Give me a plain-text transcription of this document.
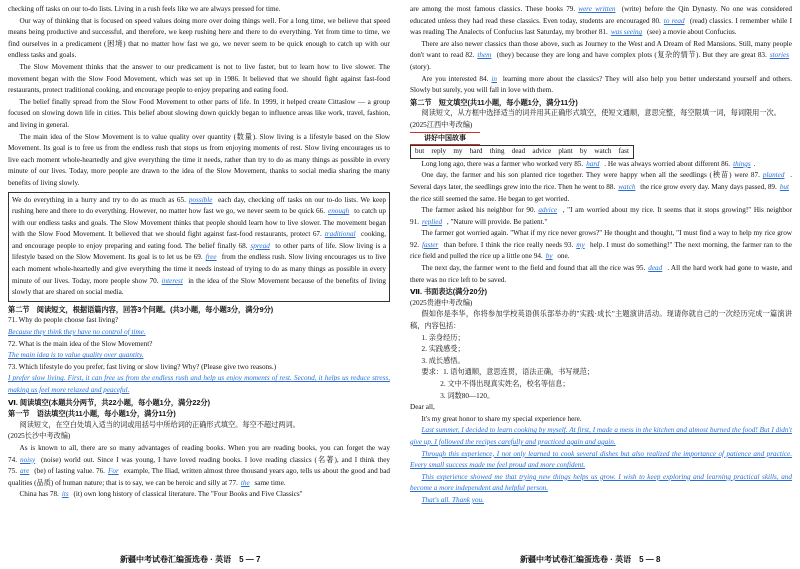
checking off tasks on our to-do lists. Living in a rush feels like we are always pressed for time.

Our way of thinking that is focused on speed values doing more over doing things well. For a long time, we believe that speed means being productive and successful, and therefore, we keep rushing here and there to do everything. Yet from time to time, we find ourselves in a predicament (困境) that no matter how fast we go, we never seem to be quick enough to catch up with our endless tasks and goals.

The Slow Movement thinks that the answer to our predicament is not to live faster, but to learn how to live slower. The movement began with the Slow Food Movement, which was set up in 1986. It believed that we should fight against fast-food restaurants, protect traditional cooking, and encourage people to enjoy preparing and eating food.

The belief finally spread from the Slow Food Movement to other parts of life. In 1999, it helped create Cittaslow — a group focused on slowing down life in cities. This belief about slowing down quickly began to influence areas like work, travel, fashion, and living in general.

The main idea of the Slow Movement is to value quality over quantity (数量). Slow living is a lifestyle based on the Slow Movement. Its goal is to free us from the endless rush that stops us from enjoying moments of rest. Slow living encourages us to live each moment whole-heartedly and give everything the time it needs, rather than try to do as many things as possible in every minute of our lives. Today, more people are drawn to the idea of the Slow Movement, thanks to social media sharing the many benefits of living slowly.

We do everything in a hurry and try to do as much as 65. possible each day, checking off tasks on our to-do lists. We keep rushing here and there to do everything. However, no matter how fast we go, we never seem to be quick 66. enough to catch up with our endless tasks and goals. The Slow Movement thinks that people should learn how to live slower. The movement began with the Slow Food Movement. It believed that we should fight against fast-food restaurants, protect 67. traditional cooking, and encourage people to enjoy preparing and eating food. The belief finally 68. spread to other parts of life. Slow living is a lifestyle based on the Slow Movement. Its goal is to let us be 69. free from the endless rush. Slow living encourages us to live each moment whole-heartedly and give everything the time it needs instead of trying to do as many things as possible in every minute of our lives. Today, more people show 70. interest in the idea of the Slow Movement because of the benefits of living slowly that are shared on social media.

第二节　阅读短文，根据语篇内容，回答3个问题。(共3小题，每小题3分，满分9分)

71. Why do people choose fast living?

Because they think they have no control of time.

72. What is the main idea of the Slow Movement?

The main idea is to value quality over quantity.

73. Which lifestyle do you prefer, fast living or slow living? Why? (Please give two reasons.)

I prefer slow living. First, it can free us from the endless rush and help us enjoy moments of rest. Second, it helps us reduce stress, making us feel more relaxed and peaceful.

Ⅵ. 阅读填空(本题共分两节，共22小题，每小题1分，满分22分)

第一节　语法填空(共11小题，每小题1分，满分11分)

阅读短文，在空白处填入适当的词或用括号中所给词的正确形式填空。每空不超过两词。

(2025长沙中考改编)

As is known to all, there are so many advantages of reading books. When you are reading books, you can forget the way 74. noisy (noise) world out. Since I was young, I have loved reading books. I love reading classics (名著), and I think they 75. are (be) of lasting value. 76. For example, The Iliad, written almost three thousand years ago, tells us about the good and bad qualities (品质) of human nature; that is to say, we can be heroic and silly at 77. the same time.

China has 78. its (it) own long history of classical literature. The "Four Books and Five Classics"

新疆中考试卷汇编蛋选卷 · 英语　5 — 7

are among the most famous classics. These books 79. were written (write) before the Qin Dynasty. No one was considered educated unless they had read these classics. Even today, students are encouraged 80. to read (read) classics. I remember while I was reading The Analects of Confucius last Saturday, my brother 81. was seeing (see) a movie about Confucius.

There are also newer classics than those above, such as Journey to the West and A Dream of Red Mansions. Still, many people don't want to read 82. them (they) because they are long and have complex plots (复杂的情节). But they are great 83. stories (story).

Are you interested 84. in learning more about the classics? They will also help you better understand yourself and others. Slowly but surely, you will fall in love with them.

第二节　短文填空(共11小题，每小题1分，满分11分)

阅读短文，从方框中选择适当的词并用其正确形式填空，使短文通顺，意思完整，每空限填一词，每词限用一次。

(2025江西中考改编)

讲好中国故事

but　reply　my　hard　thing　dead　advice　plant　by　watch　fast

Long long ago, there was a farmer who worked very 85. hard . He was always worried about different 86. things .

One day, the farmer and his son planted rice together. They were happy when all the seedlings (秧苗) were 87. planted . Several days later, the seedlings grew into the rice. Then he went to 88. watch the rice grow every day. Many days passed, 89. but the rice still seemed the same. He began to get worried.

The farmer asked his neighbor for 90. advice , "I am worried about my rice. It seems that it stops growing!" His neighbor 91. replied , "Nature will provide. Be patient."

The farmer got worried again. "What if my rice never grows?" He thought and thought, "I must find a way to help my rice grow 92. faster than before. I think the rice really needs 93. my help. I must do something!" The next morning, the farmer ran to the rice field and pulled the rice up a little one 94. by one.

The next day, the farmer went to the field and found that all the rice was 95. dead . All the hard work had gone to waste, and there was no rice left to be saved.

Ⅶ. 书面表达(满分20分)

(2025贵港中考改编)

假如你是李华，你将参加学校英语俱乐部举办的"实践·成长"主题演讲活动。现请你就自己的一次经历完成一篇演讲稿，内容包括：

1. 亲身经历；

2. 实践感受；

3. 成长感悟。

要求：1. 语句通顺，意思连贯，语法正确，书写规范；

2. 文中不得出现真实姓名，校名等信息；

3. 词数80—120。

Dear all,

It's my great honor to share my special experience here.

Last summer, I decided to learn cooking by myself. At first, I made a mess in the kitchen and almost burned the food! But I didn't give up. I followed the recipes carefully and practiced again and again.

Through this experience, I not only learned to cook several dishes but also realized the importance of patience and practice. Every small success made me feel proud and more confident.

This experience showed me that trying new things helps us grow. I wish to keep exploring and learning practical skills, and become a more independent and helpful person.

That's all. Thank you.

新疆中考试卷汇编蛋选卷 · 英语　5 — 8
